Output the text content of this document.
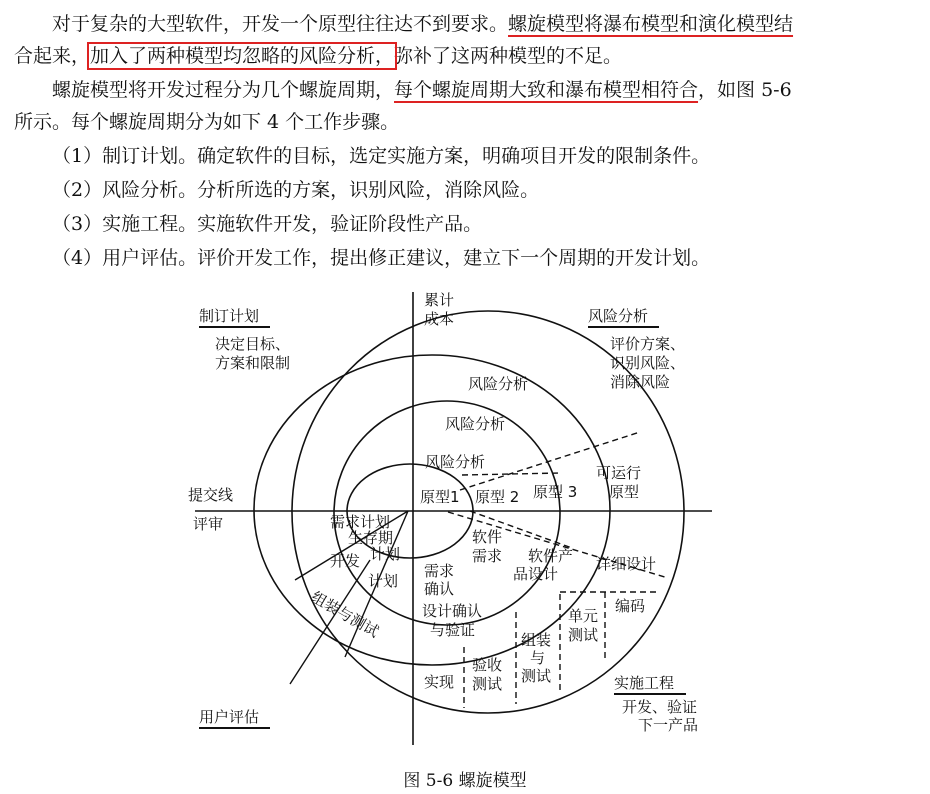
对于复杂的大型软件，开发一个原型往往达不到要求。螺旋模型将瀑布模型和演化模型结
合起来，加入了两种模型均忽略的风险分析，弥补了这两种模型的不足。
螺旋模型将开发过程分为几个螺旋周期，每个螺旋周期大致和瀑布模型相符合，如图 5-6
所示。每个螺旋周期分为如下 4 个工作步骤。
（1）制订计划。确定软件的目标，选定实施方案，明确项目开发的限制条件。
（2）风险分析。分析所选的方案，识别风险，消除风险。
（3）实施工程。实施软件开发，验证阶段性产品。
（4）用户评估。评价开发工作，提出修正建议，建立下一个周期的开发计划。
制订计划
决定目标、
方案和限制
风险分析
评价方案、
识别风险、
消除风险
实施工程
开发、验证
下一产品
用户评估
累计
成本
提交线
评审
风险分析
风险分析
风险分析
原型1 原型 2 原型 3
可运行
原型
需求计划
生存期
计划
开发
计划
组装与测试
软件
需求
需求
确认
软件产
品设计
详细设计
设计确认
与验证
单元
测试
编码
组装
与
测试
验收
测试
实现
图 5-6 螺旋模型
